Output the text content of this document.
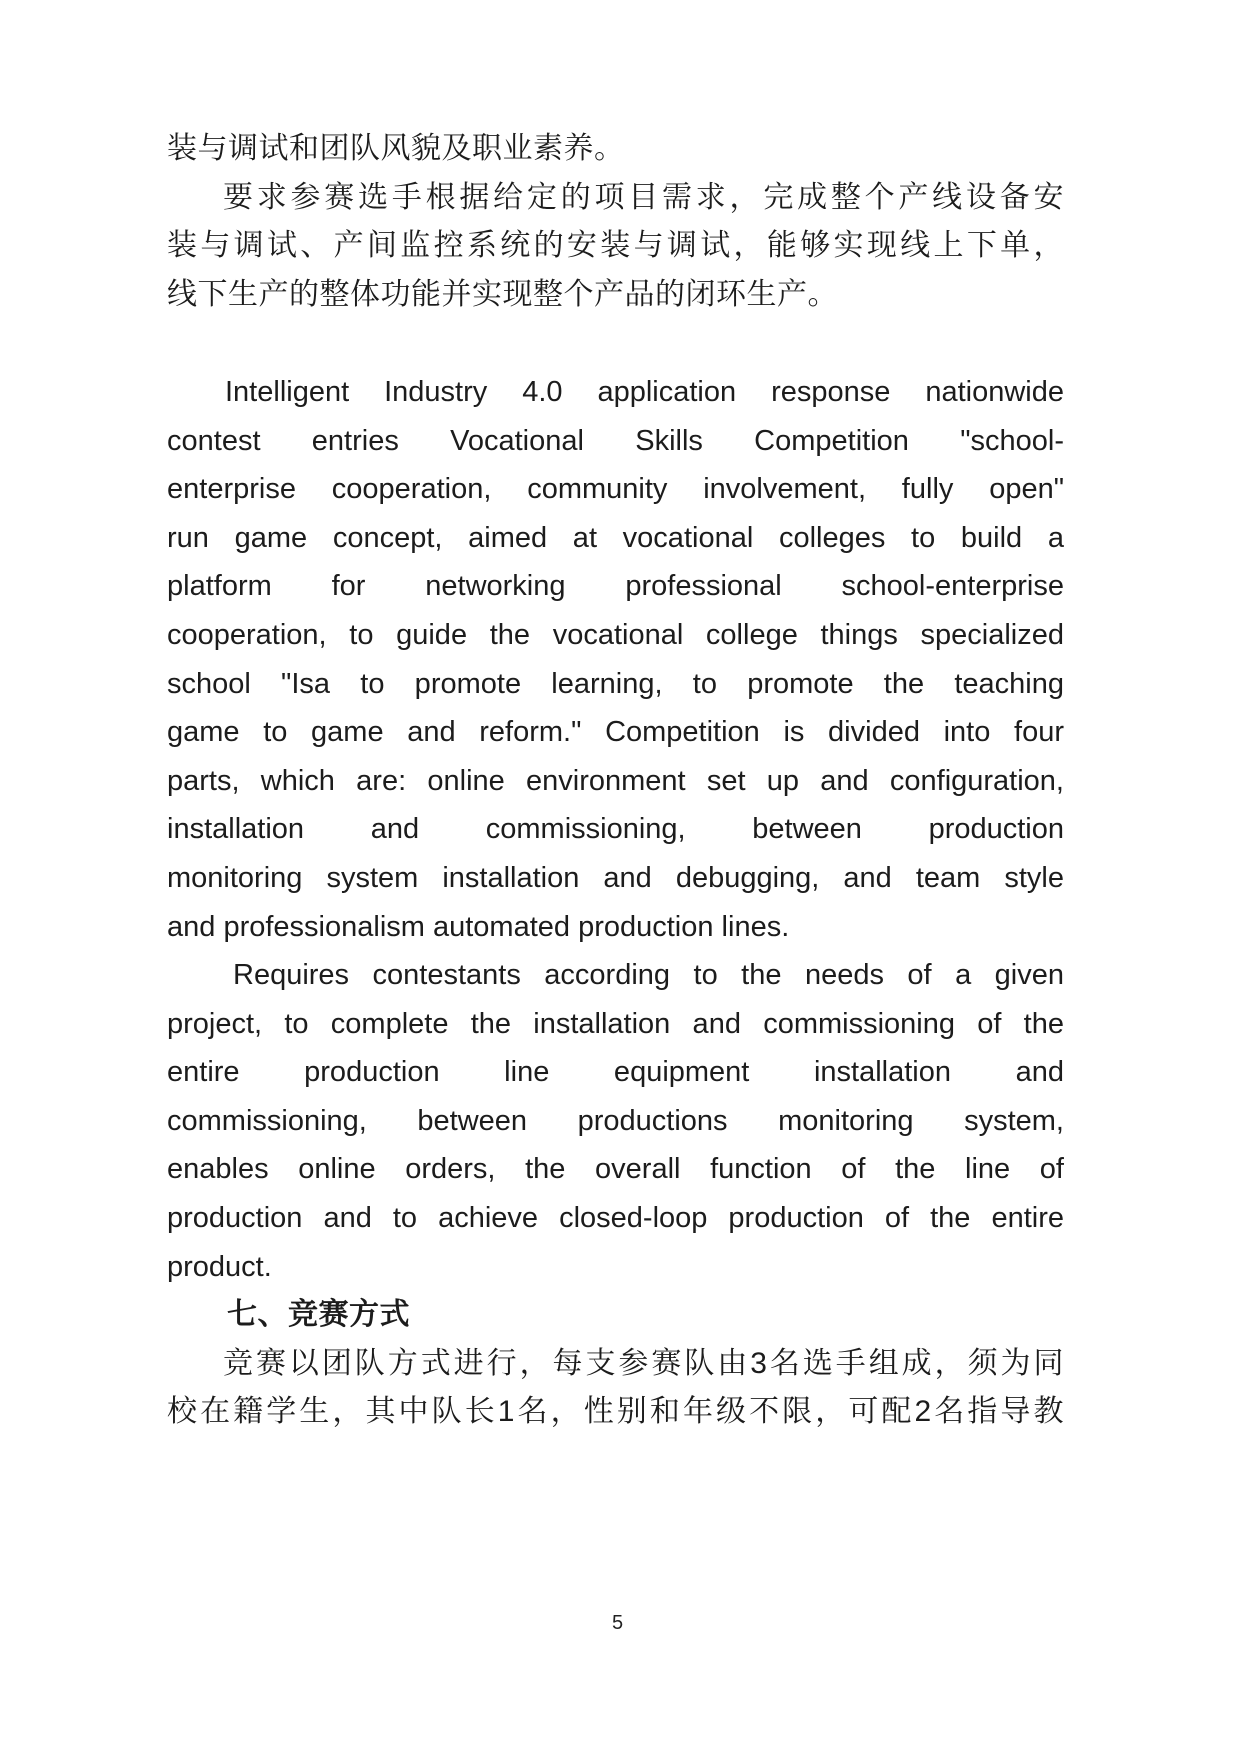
装与调试和团队风貌及职业素养。
要求参赛选手根据给定的项目需求，完成整个产线设备安
装与调试、产间监控系统的安装与调试，能够实现线上下单，
线下生产的整体功能并实现整个产品的闭环生产。
Intelligent Industry 4.0 application response nationwide
contest entries Vocational Skills Competition "school-
enterprise cooperation, community involvement, fully open"
run game concept, aimed at vocational colleges to build a
platform for networking professional school-enterprise
cooperation, to guide the vocational college things specialized
school "Isa to promote learning, to promote the teaching
game to game and reform." Competition is divided into four
parts, which are: online environment set up and configuration,
installation and commissioning, between production
monitoring system installation and debugging, and team style
and professionalism automated production lines.
Requires contestants according to the needs of a given
project, to complete the installation and commissioning of the
entire production line equipment installation and
commissioning, between productions monitoring system,
enables online orders, the overall function of the line of
production and to achieve closed-loop production of the entire
product.
七、竞赛方式
竞赛以团队方式进行，每支参赛队由3名选手组成，须为同
校在籍学生，其中队长1名，性别和年级不限，可配2名指导教
5
